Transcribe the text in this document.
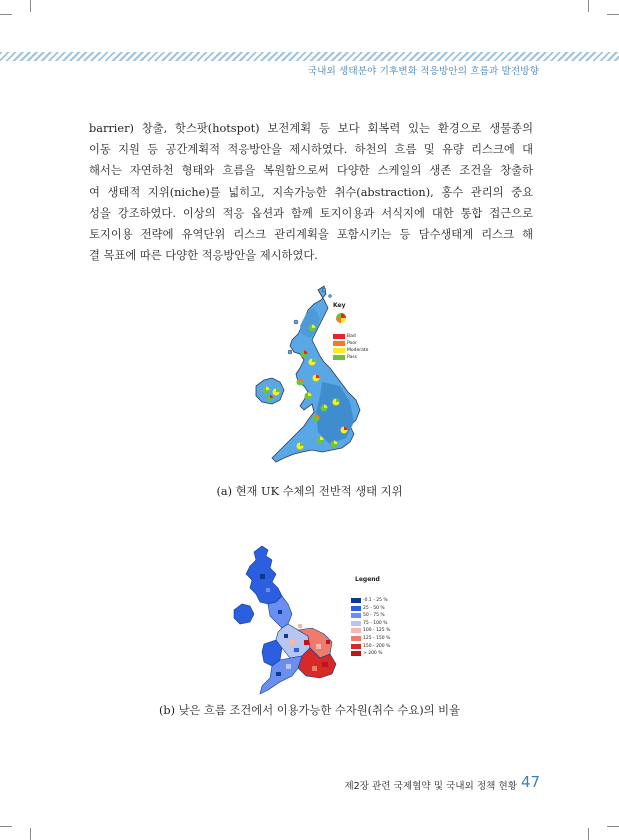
국내외 생태분야 기후변화 적응방안의 흐름과 발전방향
barrier) 창출, 핫스팟(hotspot) 보전계획 등 보다 회복력 있는 환경으로 생물종의
이동 지원 등 공간계획적 적응방안을 제시하였다. 하천의 흐름 및 유량 리스크에 대
해서는 자연하천 형태와 흐름을 복원함으로써 다양한 스케일의 생존 조건을 창출하
여 생태적 지위(niche)를 넓히고, 지속가능한 취수(abstraction), 홍수 관리의 중요
성을 강조하였다. 이상의 적응 옵션과 함께 토지이용과 서식지에 대한 통합 접근으로
토지이용 전략에 유역단위 리스크 관리계획을 포함시키는 등 담수생태계 리스크 해
결 목표에 따른 다양한 적응방안을 제시하였다.
Key
Bad
Poor
Moderate
Pass
(a) 현재 UK 수체의 전반적 생태 지위
Legend
-0.1 - 25 %
25 - 50 %
50 - 75 %
75 - 100 %
100 - 125 %
125 - 150 %
150 - 200 %
> 200 %
(b) 낮은 흐름 조건에서 이용가능한 수자원(취수 수요)의 비율
제2장 관련 국제협약 및 국내외 정책 현황 47
